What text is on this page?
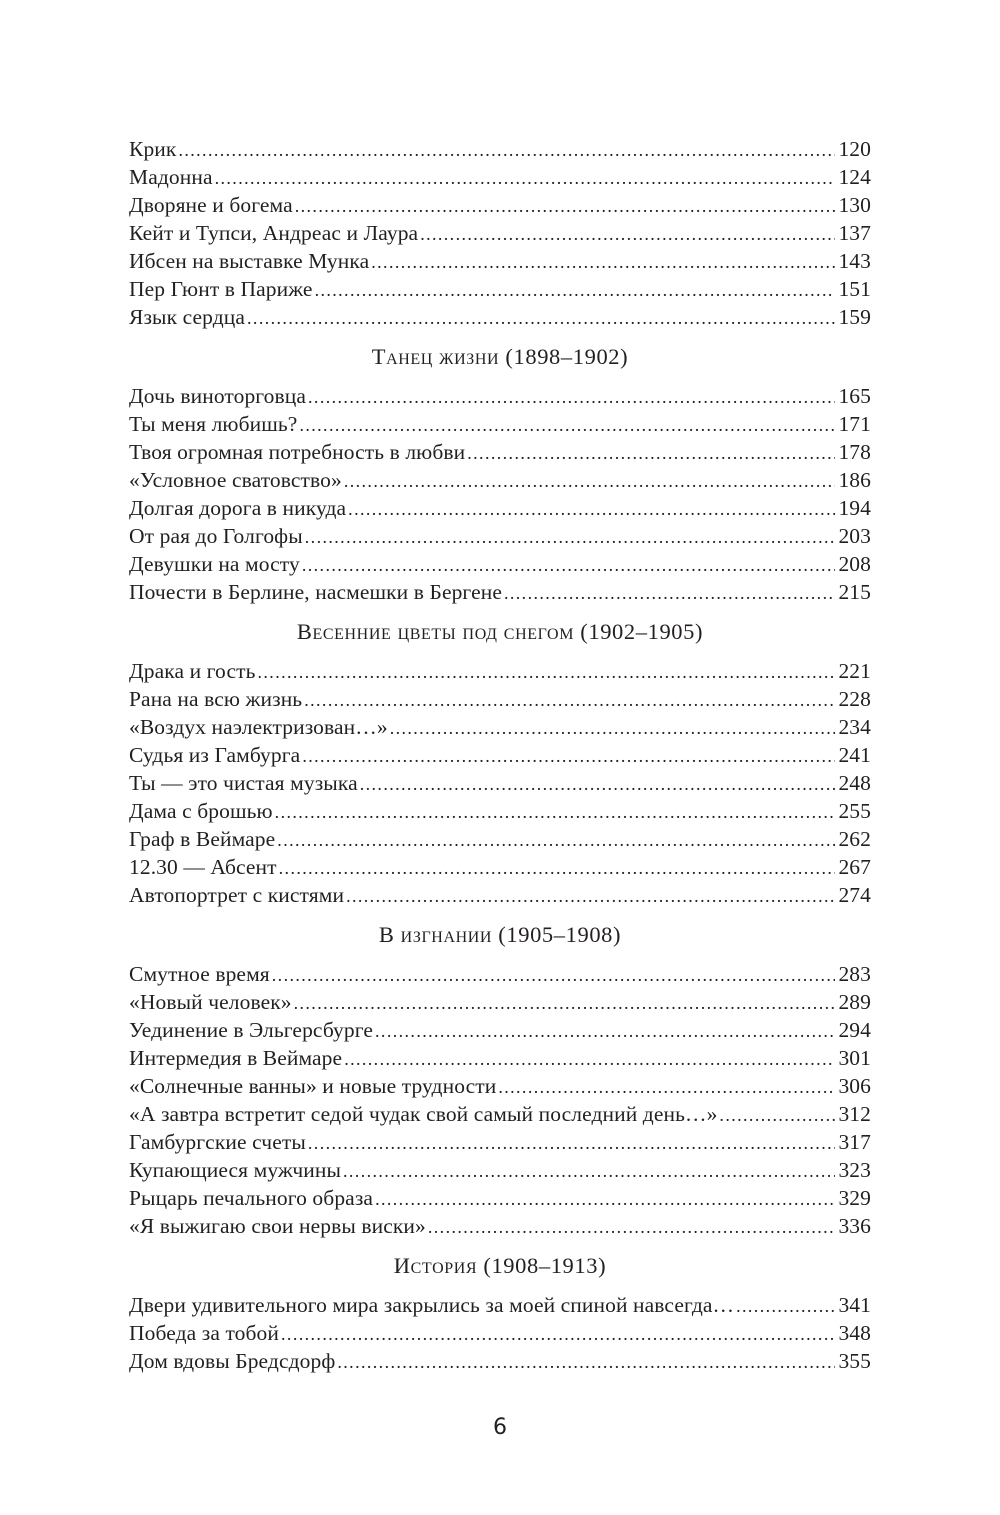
Крик .....	120
Мадонна .....	124
Дворяне и богема .....	130
Кейт и Тупси, Андреас и Лаура .....	137
Ибсен на выставке Мунка .....	143
Пер Гюнт в Париже .....	151
Язык сердца .....	159
Танец жизни (1898–1902)
Дочь виноторговца .....	165
Ты меня любишь? .....	171
Твоя огромная потребность в любви .....	178
«Условное сватовство» .....	186
Долгая дорога в никуда .....	194
От рая до Голгофы .....	203
Девушки на мосту .....	208
Почести в Берлине, насмешки в Бергене .....	215
Весенние цветы под снегом (1902–1905)
Драка и гость .....	221
Рана на всю жизнь .....	228
«Воздух наэлектризован…» .....	234
Судья из Гамбурга .....	241
Ты — это чистая музыка .....	248
Дама с брошью .....	255
Граф в Веймаре .....	262
12.30 — Абсент .....	267
Автопортрет с кистями .....	274
В изгнании (1905–1908)
Смутное время .....	283
«Новый человек» .....	289
Уединение в Эльгерсбурге .....	294
Интермедия в Веймаре .....	301
«Солнечные ванны» и новые трудности .....	306
«А завтра встретит седой чудак свой самый последний день…» .....	312
Гамбургские счеты .....	317
Купающиеся мужчины .....	323
Рыцарь печального образа .....	329
«Я выжигаю свои нервы виски» .....	336
История (1908–1913)
Двери удивительного мира закрылись за моей спиной навсегда… .....	341
Победа за тобой .....	348
Дом вдовы Бредсдорф .....	355
6
